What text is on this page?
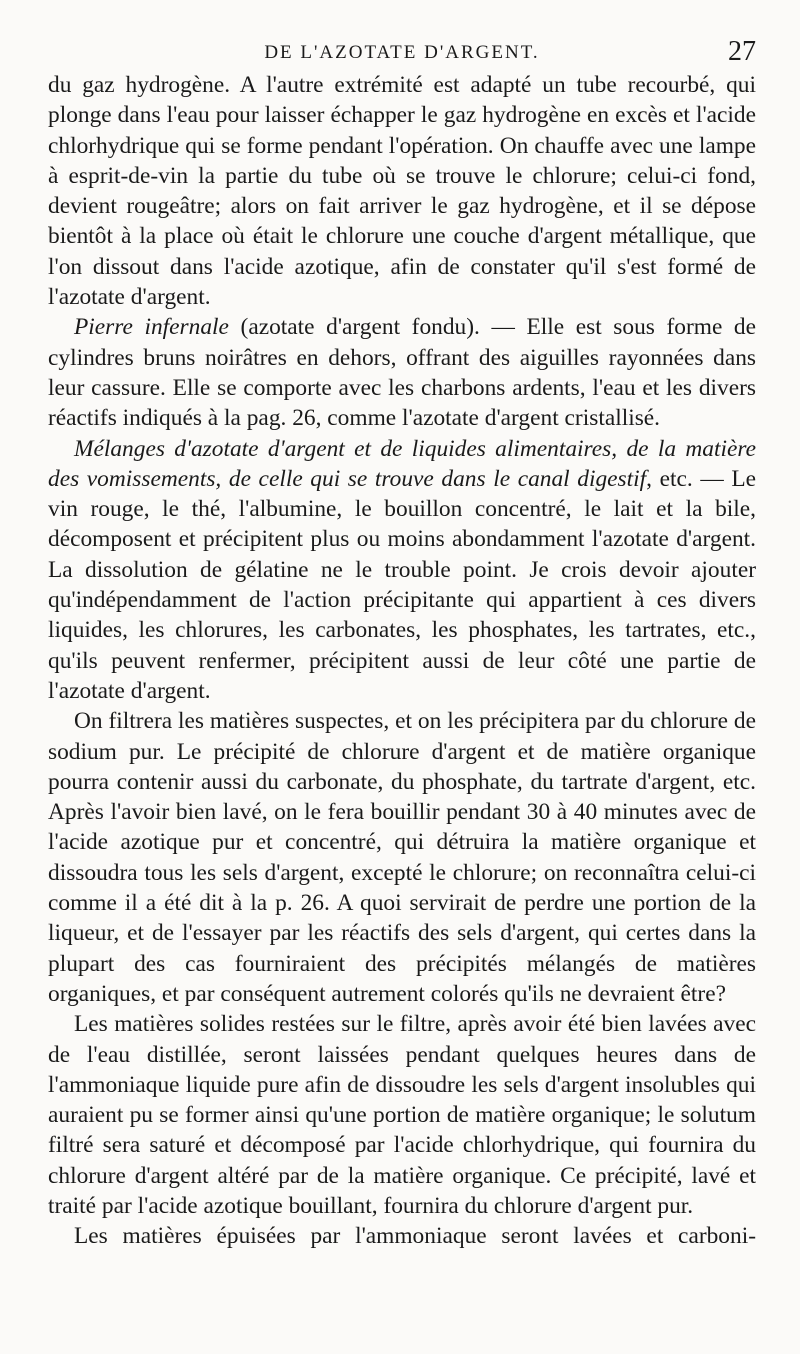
DE L'AZOTATE D'ARGENT.	27

du gaz hydrogène. A l'autre extrémité est adapté un tube recourbé, qui plonge dans l'eau pour laisser échapper le gaz hydrogène en excès et l'acide chlorhydrique qui se forme pendant l'opération. On chauffe avec une lampe à esprit-de-vin la partie du tube où se trouve le chlorure; celui-ci fond, devient rougeâtre; alors on fait arriver le gaz hydrogène, et il se dépose bientôt à la place où était le chlorure une couche d'argent métallique, que l'on dissout dans l'acide azotique, afin de constater qu'il s'est formé de l'azotate d'argent.

Pierre infernale (azotate d'argent fondu). — Elle est sous forme de cylindres bruns noirâtres en dehors, offrant des aiguilles rayonnées dans leur cassure. Elle se comporte avec les charbons ardents, l'eau et les divers réactifs indiqués à la pag. 26, comme l'azotate d'argent cristallisé.

Mélanges d'azotate d'argent et de liquides alimentaires, de la matière des vomissements, de celle qui se trouve dans le canal digestif, etc. — Le vin rouge, le thé, l'albumine, le bouillon concentré, le lait et la bile, décomposent et précipitent plus ou moins abondamment l'azotate d'argent. La dissolution de gélatine ne le trouble point. Je crois devoir ajouter qu'indépendamment de l'action précipitante qui appartient à ces divers liquides, les chlorures, les carbonates, les phosphates, les tartrates, etc., qu'ils peuvent renfermer, précipitent aussi de leur côté une partie de l'azotate d'argent.

On filtrera les matières suspectes, et on les précipitera par du chlorure de sodium pur. Le précipité de chlorure d'argent et de matière organique pourra contenir aussi du carbonate, du phosphate, du tartrate d'argent, etc. Après l'avoir bien lavé, on le fera bouillir pendant 30 à 40 minutes avec de l'acide azotique pur et concentré, qui détruira la matière organique et dissoudra tous les sels d'argent, excepté le chlorure; on reconnaîtra celui-ci comme il a été dit à la p. 26. A quoi servirait de perdre une portion de la liqueur, et de l'essayer par les réactifs des sels d'argent, qui certes dans la plupart des cas fourniraient des précipités mélangés de matières organiques, et par conséquent autrement colorés qu'ils ne devraient être?

Les matières solides restées sur le filtre, après avoir été bien lavées avec de l'eau distillée, seront laissées pendant quelques heures dans de l'ammoniaque liquide pure afin de dissoudre les sels d'argent insolubles qui auraient pu se former ainsi qu'une portion de matière organique; le solutum filtré sera saturé et décomposé par l'acide chlorhydrique, qui fournira du chlorure d'argent altéré par de la matière organique. Ce précipité, lavé et traité par l'acide azotique bouillant, fournira du chlorure d'argent pur.

Les matières épuisées par l'ammoniaque seront lavées et carboni-
